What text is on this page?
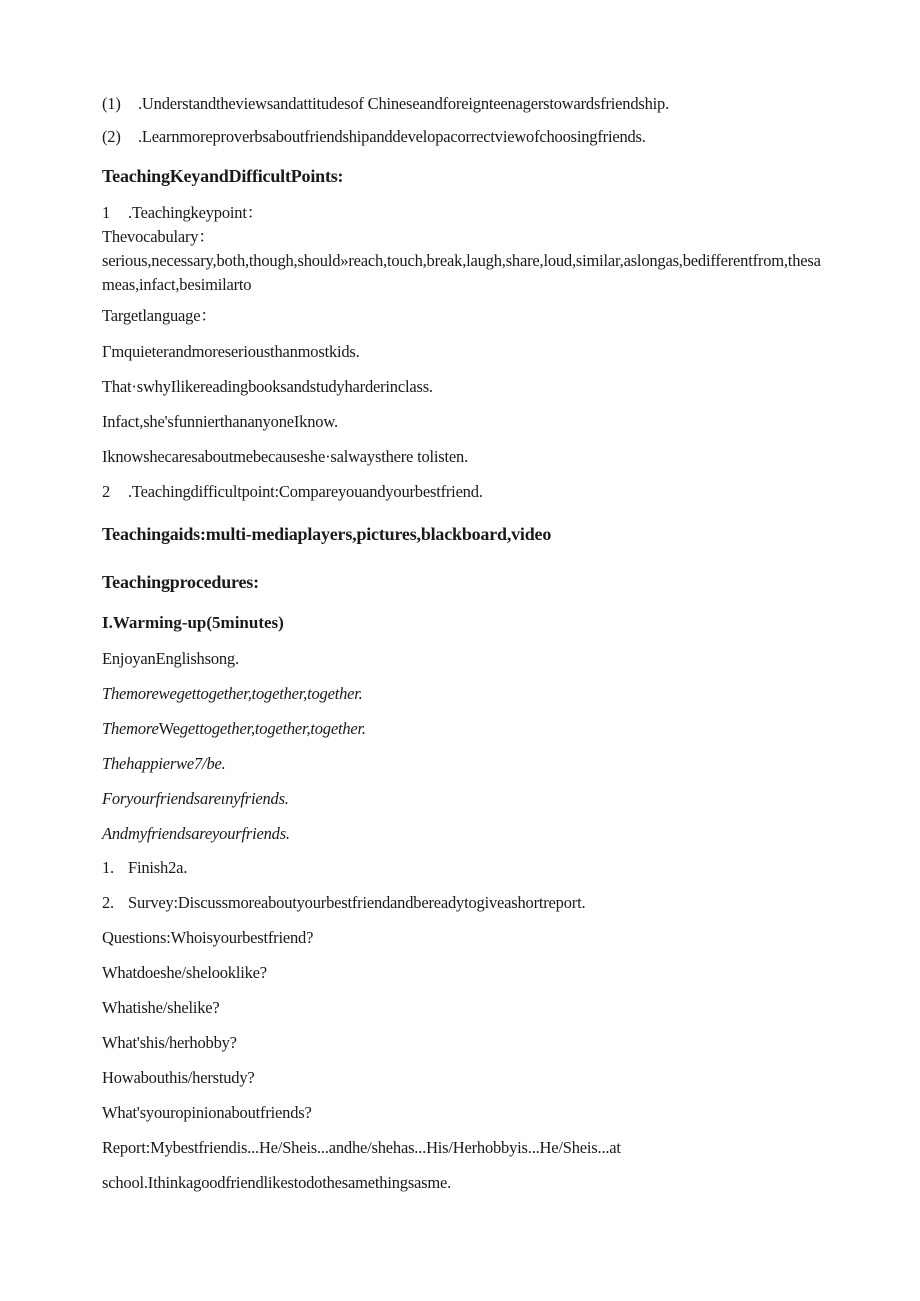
(1) .Understandtheviewsandattitudesof Chineseandforeignteenagerstowardsfriendship.
(2) .Learnmoreproverbsaboutfriendshipanddevelopacorrectviewofchoosingfriends.
TeachingKeyandDifficultPoints:
1 .Teachingkeypoint：
Thevocabulary：
serious,necessary,both,though,should»reach,touch,break,laugh,share,loud,similar,aslongas,bedifferentfrom,thesameas,infact,besimilarto
Targetlanguage：
Γmquieterandmoreseriousthanmostkids.
That·swhyIlikereadingbooksandstudyharderinclass.
Infact,she'sfunnierthananyoneIknow.
Iknowshecaresaboutmebecauseshe·salwaysthere tolisten.
2 .Teachingdifficultpoint:Compareyouandyourbestfriend.
Teachingaids:multi-mediaplayers,pictures,blackboard,video
Teachingprocedures:
I.Warming-up(5minutes)
EnjoyanEnglishsong.
Themorewegettogether,together,together.
ThemoreWegettogether,together,together.
Thehappierwe7/be.
Foryourfriendsareιnyfriends.
Andmyfriendsareyourfriends.
1. Finish2a.
2. Survey:Discussmoreaboutyourbestfriendandbereadytogiveashortreport.
Questions:Whoisyourbestfriend?
Whatdoeshe/shelooklike?
Whatishe/shelike?
What'shis/herhobby?
Howabouthis/herstudy?
What'syouropinionaboutfriends?
Report:Mybestfriendis...He/Sheis...andhe/shehas...His/Herhobbyis...He/Sheis...at
school.Ithinkagoodfriendlikestodothesamethingsasme.
